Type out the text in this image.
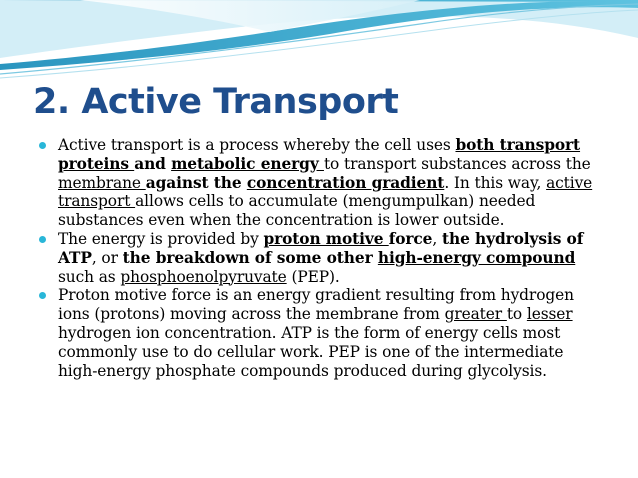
2. Active Transport
Active transport is a process whereby the cell uses both transport proteins and metabolic energy to transport substances across the membrane against the concentration gradient. In this way, active transport allows cells to accumulate (mengumpulkan) needed substances even when the concentration is lower outside.
The energy is provided by proton motive force, the hydrolysis of ATP, or the breakdown of some other high-energy compound such as phosphoenolpyruvate (PEP).
Proton motive force is an energy gradient resulting from hydrogen ions (protons) moving across the membrane from greater to lesser hydrogen ion concentration. ATP is the form of energy cells most commonly use to do cellular work. PEP is one of the intermediate high-energy phosphate compounds produced during glycolysis.
